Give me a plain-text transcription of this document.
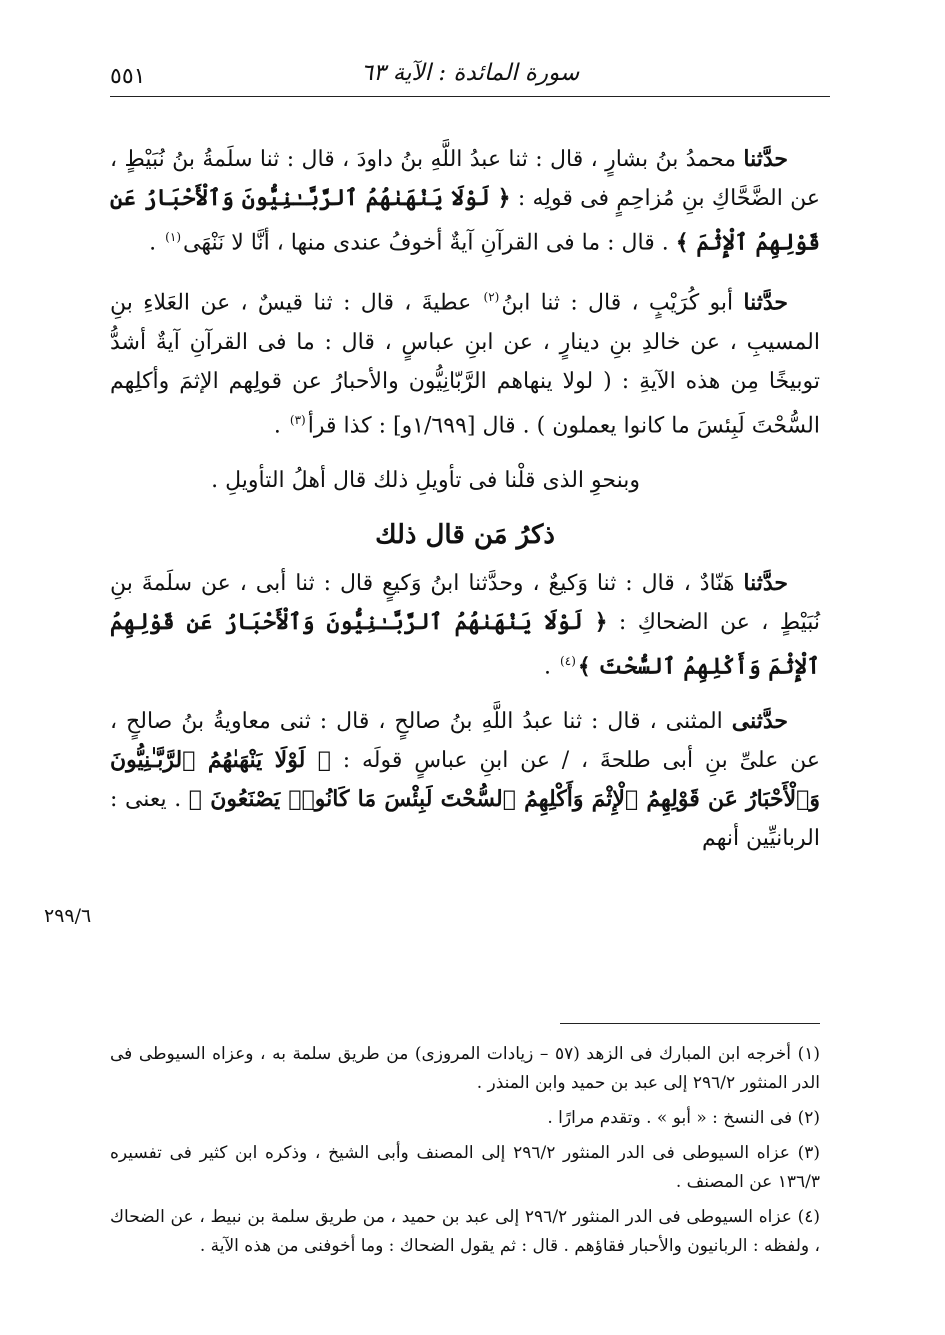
٥٥١	سورة المائدة : الآية ٦٣

حدَّثنا محمدُ بنُ بشارٍ ، قال : ثنا عبدُ اللَّهِ بنُ داودَ ، قال : ثنا سلَمةُ بنُ نُبَيْطٍ ، عن الضَّحَّاكِ بنِ مُزاحِمٍ فى قولِه : ﴿ لَوْلَا يَنْهَىٰهُمُ ٱلرَّبَّـٰنِيُّونَ وَٱلْأَحْبَارُ عَن قَوْلِهِمُ ٱلْإِثْمَ ﴾ . قال : ما فى القرآنِ آيةٌ أخوفُ عندى منها ، أنَّا لا نَنْهَى$^{(١)}$ .

حدَّثنا أبو كُرَيْبٍ ، قال : ثنا ابنُ$^{(٢)}$ عطيةَ ، قال : ثنا قيسٌ ، عن العَلاءِ بنِ المسيبِ ، عن خالدِ بنِ دينارٍ ، عن ابنِ عباسٍ ، قال : ما فى القرآنِ آيةٌ أشدُّ توبيخًا مِن هذه الآيةِ : ( لولا ينهاهم الرَّبّانِيُّون والأحبارُ عن قولِهم الإثمَ وأكلِهم السُّحْتَ لَبِئسَ ما كانوا يعملون ) . قال [١/٦٩٩و] : كذا قرأ$^{(٣)}$ .

وبنحوِ الذى قلْنا فى تأويلِ ذلك قال أهلُ التأويلِ .

ذكرُ مَن قال ذلك

حدَّثنا هَنّادٌ ، قال : ثنا وَكيعٌ ، وحدَّثنا ابنُ وَكيعٍ قال : ثنا أبى ، عن سلَمةَ بنِ نُبَيْطٍ ، عن الضحاكِ : ﴿ لَوْلَا يَنْهَىٰهُمُ ٱلرَّبَّـٰنِيُّونَ وَٱلْأَحْبَارُ عَن قَوْلِهِمُ ٱلْإِثْمَ وَأَكْلِهِمُ ٱلسُّحْتَ ﴾$^{(٤)}$ .

حدَّثنى المثنى ، قال : ثنا عبدُ اللَّهِ بنُ صالحٍ ، قال : ثنى معاويةُ بنُ صالحٍ ، عن علىِّ بنِ أبى طلحةَ ، / عن ابنِ عباسٍ قولَه : ﴿ لَوْلَا يَنْهَىٰهُمُ ٱلرَّبَّـٰنِيُّونَ وَٱلْأَحْبَارُ عَن قَوْلِهِمُ ٱلْإِثْمَ وَأَكْلِهِمُ ٱلسُّحْتَ لَبِئْسَ مَا كَانُوا۟ يَصْنَعُونَ ﴾ . يعنى : الربانيِّين أنهم

٢٩٩/٦

(١) أخرجه ابن المبارك فى الزهد (٥٧ – زيادات المروزى) من طريق سلمة به ، وعزاه السيوطى فى الدر المنثور ٢٩٦/٢ إلى عبد بن حميد وابن المنذر .

(٢) فى النسخ : « أبو » . وتقدم مرارًا .

(٣) عزاه السيوطى فى الدر المنثور ٢٩٦/٢ إلى المصنف وأبى الشيخ ، وذكره ابن كثير فى تفسيره ١٣٦/٣ عن المصنف .

(٤) عزاه السيوطى فى الدر المنثور ٢٩٦/٢ إلى عبد بن حميد ، من طريق سلمة بن نبيط ، عن الضحاك ، ولفظه : الربانيون والأحبار فقاؤهم . قال : ثم يقول الضحاك : وما أخوفنى من هذه الآية .
